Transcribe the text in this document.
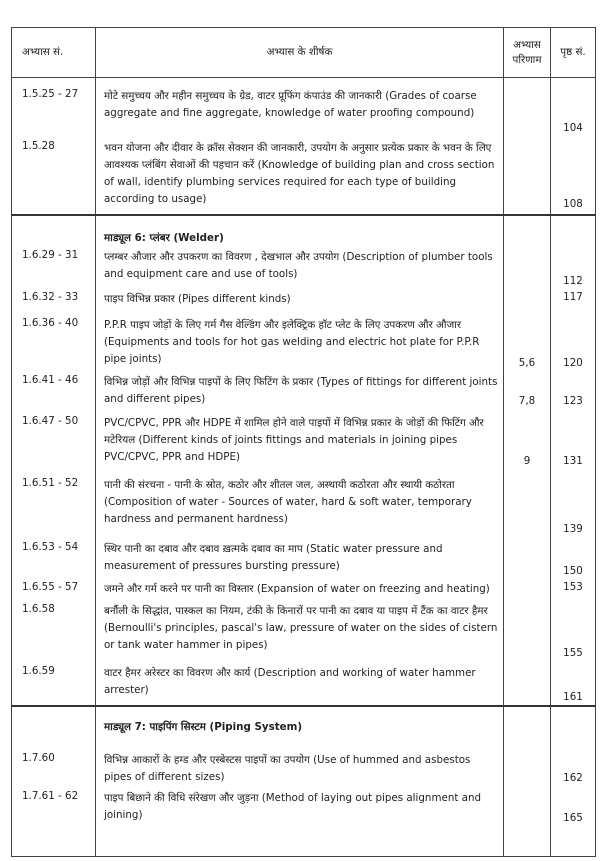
अभ्यास सं.	अभ्यास के शीर्षक	अभ्यास परिणाम	पृष्ठ सं.
1.5.25 - 27	मोटे समुच्चय और महीन समुच्चय के ग्रेड, वाटर प्रूफिंग कंपाउंड की जानकारी (Grades of coarse aggregate and fine aggregate, knowledge of water proofing compound)		104
1.5.28	भवन योजना और दीवार के क्रॉस सेक्शन की जानकारी, उपयोग के अनुसार प्रत्येक प्रकार के भवन के लिए आवश्यक प्लंबिंग सेवाओं की पहचान करें (Knowledge of building plan and cross section of wall, identify plumbing services required for each type of building according to usage)		108

	माड्यूल 6: प्लंबर (Welder)		
1.6.29 - 31	प्लम्बर औजार और उपकरण का विवरण , देखभाल और उपयोग (Description of plumber tools and equipment care and use of tools)		112
1.6.32 - 33	पाइप विभिन्न प्रकार (Pipes different kinds)		117
1.6.36 - 40	P.P.R पाइप जोड़ों के लिए गर्म गैस वेल्डिंग और इलेक्ट्रिक हॉट प्लेट के लिए उपकरण और औजार (Equipments and tools for hot gas welding and electric hot plate for P.P.R pipe joints)	5,6	120
1.6.41 - 46	विभिन्न जोड़ों और विभिन्न पाइपों के लिए फिटिंग के प्रकार (Types of fittings for different joints and different pipes)	7,8	123
1.6.47 - 50	PVC/CPVC, PPR और HDPE में शामिल होने वाले पाइपों में विभिन्न प्रकार के जोड़ों की फिटिंग और मटेरियल (Different kinds of joints fittings and materials in joining pipes PVC/CPVC, PPR and HDPE)	9	131
1.6.51 - 52	पानी की संरचना - पानी के स्रोत, कठोर और शीतल जल, अस्थायी कठोरता और स्थायी कठोरता (Composition of water - Sources of water, hard & soft water, temporary hardness and permanent hardness)		139
1.6.53 - 54	स्थिर पानी का दबाव और दबाव ख़त्मके दबाव का माप (Static water pressure and measurement of pressures bursting pressure)		150
1.6.55 - 57	जमने और गर्म करने पर पानी का विस्तार (Expansion of water on freezing and heating)		153
1.6.58	बर्नौली के सिद्धांत, पास्कल का नियम, टंकी के किनारों पर पानी का दबाव या पाइप में टैंक का वाटर हैमर (Bernoulli's principles, pascal's law, pressure of water on the sides of cistern or tank water hammer in pipes)		155
1.6.59	वाटर हैमर अरेस्टर का विवरण और कार्य (Description and working of water hammer arrester)		161

	माड्यूल 7: पाइपिंग सिस्टम (Piping System)		
1.7.60	विभिन्न आकारों के हम्ड और एस्बेस्टस पाइपों का उपयोग (Use of hummed and asbestos pipes of different sizes)		162
1.7.61 - 62	पाइप बिछाने की विधि संरेखण और जुड़ना (Method of laying out pipes alignment and joining)		165
